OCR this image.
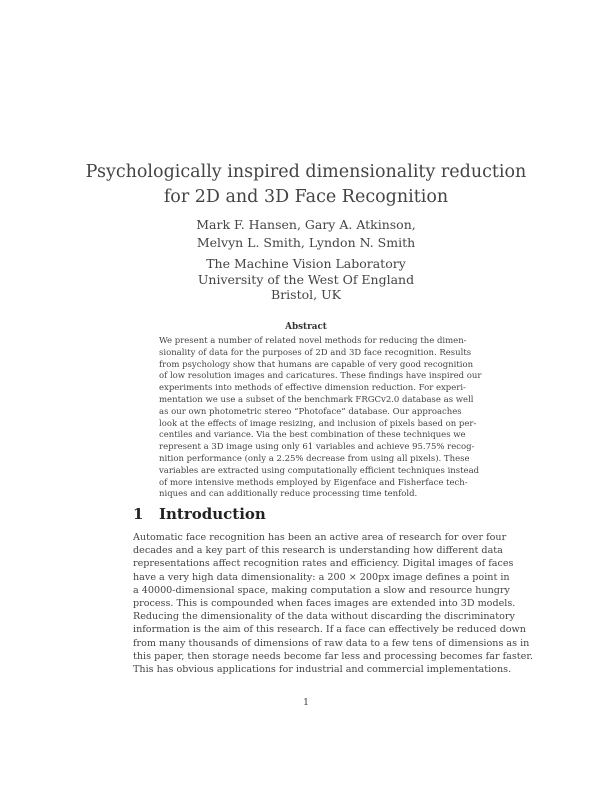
Psychologically inspired dimensionality reduction
for 2D and 3D Face Recognition
Mark F. Hansen, Gary A. Atkinson,
Melvyn L. Smith, Lyndon N. Smith
The Machine Vision Laboratory
University of the West Of England
Bristol, UK
Abstract
We present a number of related novel methods for reducing the dimen-
sionality of data for the purposes of 2D and 3D face recognition. Results
from psychology show that humans are capable of very good recognition
of low resolution images and caricatures. These findings have inspired our
experiments into methods of effective dimension reduction. For experi-
mentation we use a subset of the benchmark FRGCv2.0 database as well
as our own photometric stereo “Photoface” database. Our approaches
look at the effects of image resizing, and inclusion of pixels based on per-
centiles and variance. Via the best combination of these techniques we
represent a 3D image using only 61 variables and achieve 95.75% recog-
nition performance (only a 2.25% decrease from using all pixels). These
variables are extracted using computationally efficient techniques instead
of more intensive methods employed by Eigenface and Fisherface tech-
niques and can additionally reduce processing time tenfold.
1 Introduction
Automatic face recognition has been an active area of research for over four
decades and a key part of this research is understanding how different data
representations affect recognition rates and efficiency. Digital images of faces
have a very high data dimensionality: a 200 × 200px image defines a point in
a 40000-dimensional space, making computation a slow and resource hungry
process. This is compounded when faces images are extended into 3D models.
Reducing the dimensionality of the data without discarding the discriminatory
information is the aim of this research. If a face can effectively be reduced down
from many thousands of dimensions of raw data to a few tens of dimensions as in
this paper, then storage needs become far less and processing becomes far faster.
This has obvious applications for industrial and commercial implementations.
1
